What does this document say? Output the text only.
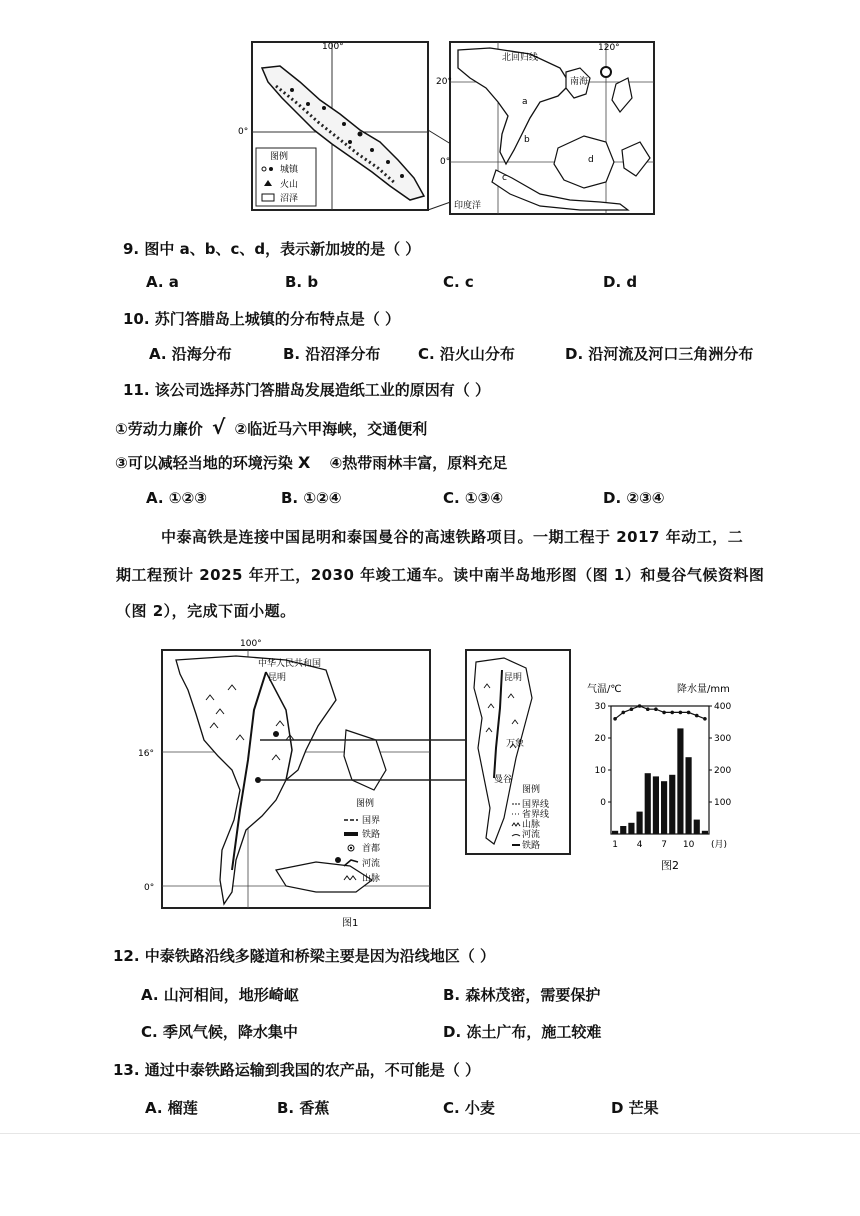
图例
城镇
火山
沼泽
100°
0°
120°
20°
0°
北回归线
南海
a
b
c
d
印度洋
9. 图中 a、b、c、d，表示新加坡的是（ ）
A. a	B. b	C. c	D. d
10. 苏门答腊岛上城镇的分布特点是（ ）
A. 沿海分布	B. 沿沼泽分布	C. 沿火山分布	D. 沿河流及河口三角洲分布
11. 该公司选择苏门答腊岛发展造纸工业的原因有（ ）
①劳动力廉价 √ ②临近马六甲海峡，交通便利
③可以减轻当地的环境污染 X ④热带雨林丰富，原料充足
A. ①②③	B. ①②④	C. ①③④	D. ②③④
中泰高铁是连接中国昆明和泰国曼谷的高速铁路项目。一期工程于 2017 年动工，二
期工程预计 2025 年开工，2030 年竣工通车。读中南半岛地形图（图 1）和曼谷气候资料图
（图 2），完成下面小题。
100°
16°
0°
中华人民共和国
昆明
图例
国界
铁路
首都
河流
山脉
图1
昆明
万象
曼谷
图例
国界线
省界线
山脉
河流
铁路
气温/℃	降水量/mm
30
20
10
0
400
300
200
100
1 4 7 10 (月)
图2
12. 中泰铁路沿线多隧道和桥梁主要是因为沿线地区（ ）
A. 山河相间，地形崎岖	B. 森林茂密，需要保护
C. 季风气候，降水集中	D. 冻土广布，施工较难
13. 通过中泰铁路运输到我国的农产品，不可能是（ ）
A. 榴莲	B. 香蕉	C. 小麦	D 芒果
